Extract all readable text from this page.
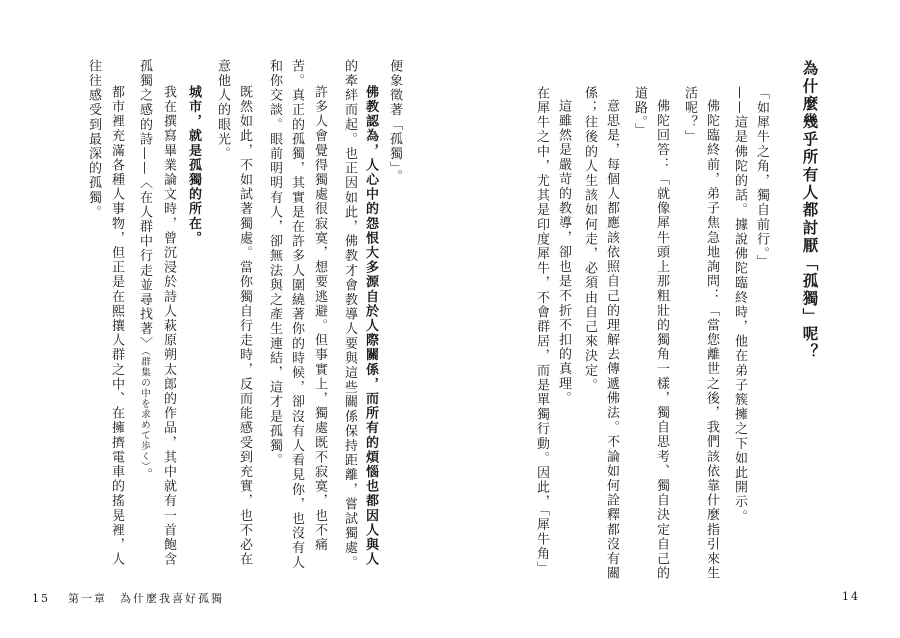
為什麼幾乎所有人都討厭「孤獨」呢？
「如犀牛之角，獨自前行。」
——這是佛陀的話。據說佛陀臨終時，他在弟子簇擁之下如此開示。
佛陀臨終前，弟子焦急地詢問：「當您離世之後，我們該依靠什麼指引來生
活呢？」
佛陀回答：「就像犀牛頭上那粗壯的獨角一樣，獨自思考、獨自決定自己的
道路。」
意思是，每個人都應該依照自己的理解去傳遞佛法。不論如何詮釋都沒有關
係；往後的人生該如何走，必須由自己來決定。
這雖然是嚴苛的教導，卻也是不折不扣的真理。
在犀牛之中，尤其是印度犀牛，不會群居，而是單獨行動。因此，「犀牛角」
14
便象徵著「孤獨」。
佛教認為，人心中的怨恨大多源自於人際關係，而所有的煩惱也都因人與人
的牽絆而起。也正因如此，佛教才會教導人要與這些關係保持距離，嘗試獨處。
許多人會覺得獨處很寂寞，想要逃避。但事實上，獨處既不寂寞，也不痛
苦。真正的孤獨，其實是在許多人圍繞著你的時候，卻沒有人看見你，也沒有人
和你交談。眼前明明有人，卻無法與之產生連結，這才是孤獨。
既然如此，不如試著獨處。當你獨自行走時，反而能感受到充實，也不必在
意他人的眼光。
城市，就是孤獨的所在。
我在撰寫畢業論文時，曾沉浸於詩人萩原朔太郎的作品，其中就有一首飽含
孤獨之感的詩——〈在人群中行走並尋找著〉（群集の中を求めて歩く）。
都市裡充滿各種人事物，但正是在熙攘人群之中、在擁擠電車的搖晃裡，人
往往感受到最深的孤獨。
15 第一章　為什麼我喜好孤獨
